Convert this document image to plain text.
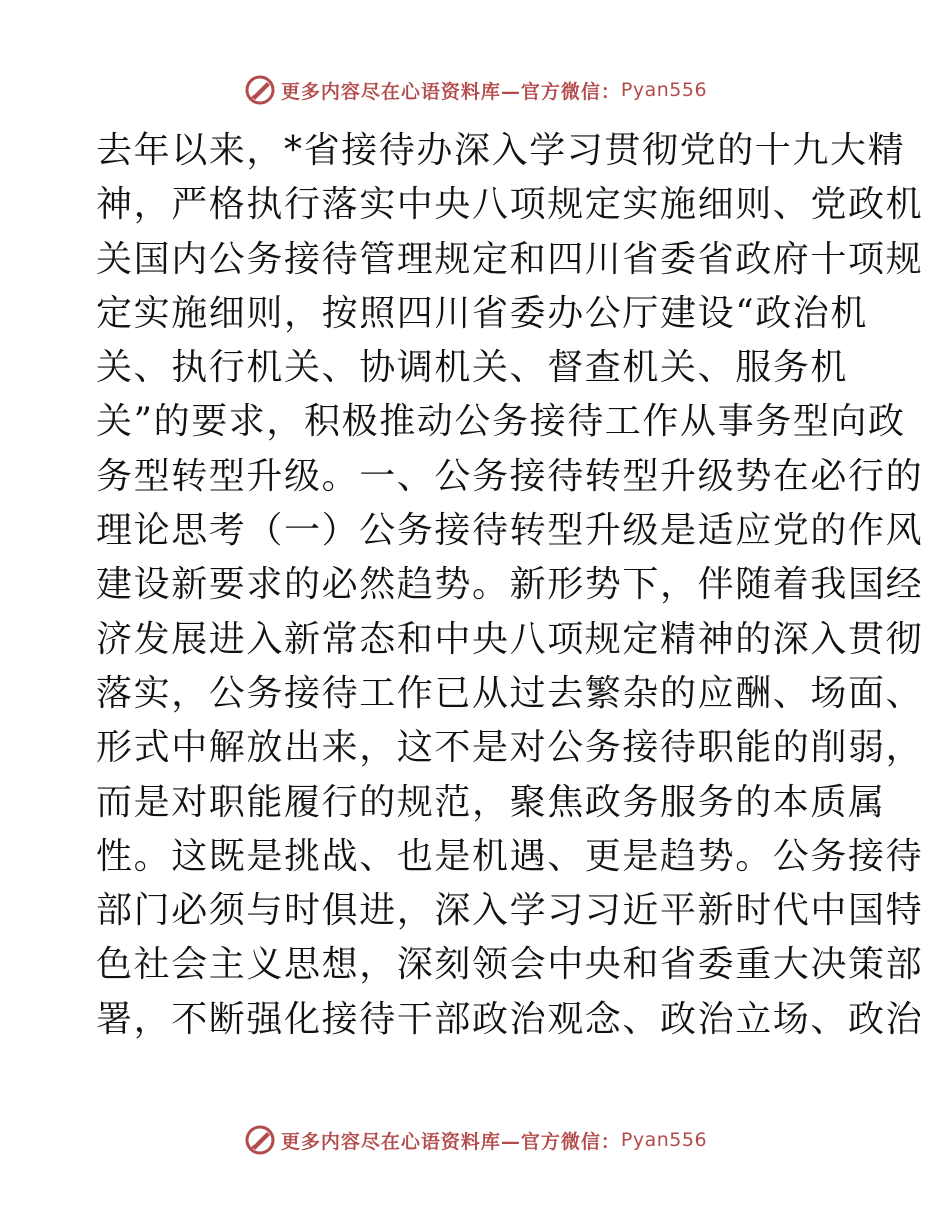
更多内容尽在心语资料库—官方微信： Pyan556
去年以来，*省接待办深入学习贯彻党的十九大精
神，严格执行落实中央八项规定实施细则、党政机
关国内公务接待管理规定和四川省委省政府十项规
定实施细则，按照四川省委办公厅建设“政治机
关、执行机关、协调机关、督查机关、服务机
关”的要求，积极推动公务接待工作从事务型向政
务型转型升级。一、公务接待转型升级势在必行的
理论思考（一）公务接待转型升级是适应党的作风
建设新要求的必然趋势。新形势下，伴随着我国经
济发展进入新常态和中央八项规定精神的深入贯彻
落实，公务接待工作已从过去繁杂的应酬、场面、
形式中解放出来，这不是对公务接待职能的削弱，
而是对职能履行的规范，聚焦政务服务的本质属
性。这既是挑战、也是机遇、更是趋势。公务接待
部门必须与时俱进，深入学习习近平新时代中国特
色社会主义思想，深刻领会中央和省委重大决策部
署，不断强化接待干部政治观念、政治立场、政治
更多内容尽在心语资料库—官方微信： Pyan556
